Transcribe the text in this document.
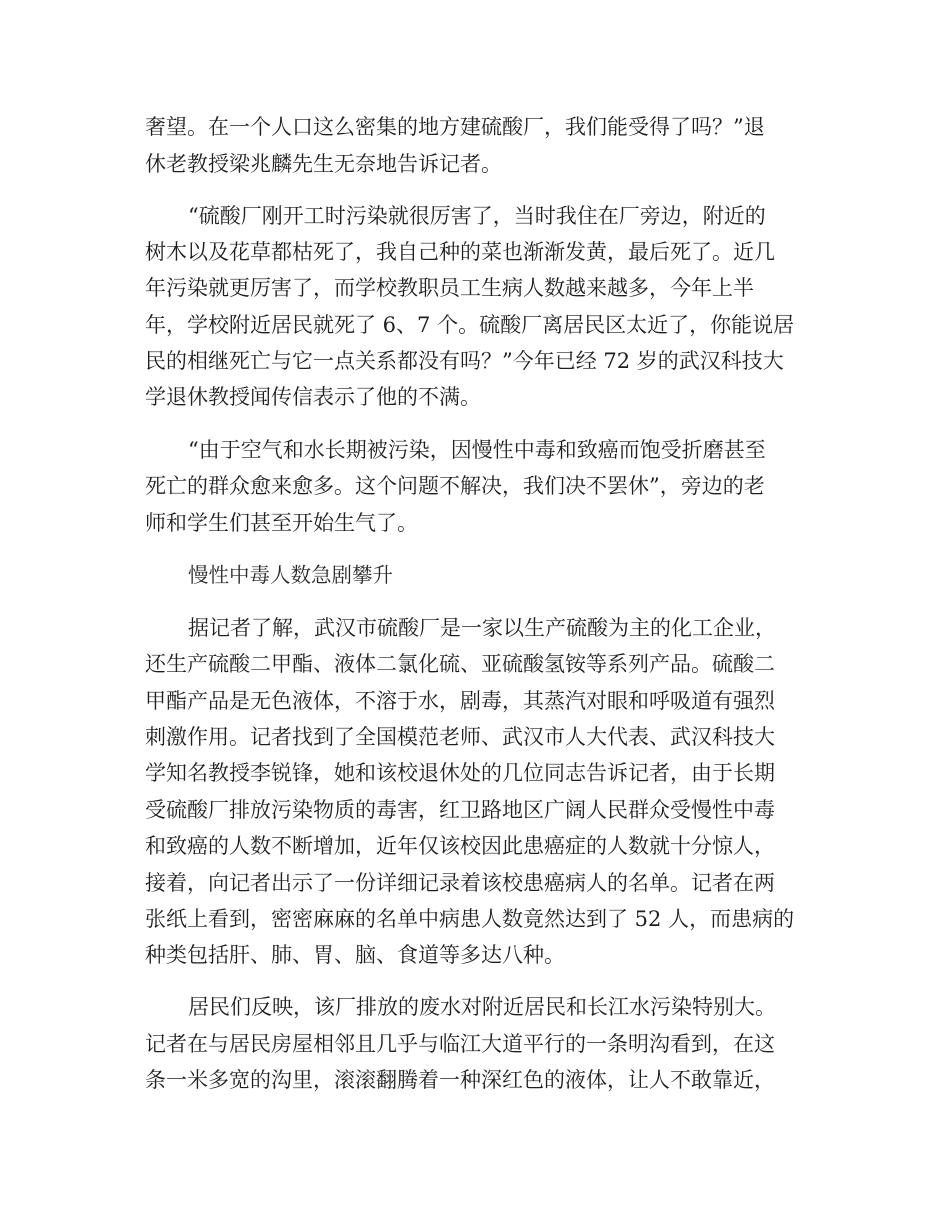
奢望。在一个人口这么密集的地方建硫酸厂，我们能受得了吗？”退
休老教授梁兆麟先生无奈地告诉记者。
“硫酸厂刚开工时污染就很厉害了，当时我住在厂旁边，附近的
树木以及花草都枯死了，我自己种的菜也渐渐发黄，最后死了。近几
年污染就更厉害了，而学校教职员工生病人数越来越多，今年上半
年，学校附近居民就死了 6、7 个。硫酸厂离居民区太近了，你能说居
民的相继死亡与它一点关系都没有吗？”今年已经 72 岁的武汉科技大
学退休教授闻传信表示了他的不满。
“由于空气和水长期被污染，因慢性中毒和致癌而饱受折磨甚至
死亡的群众愈来愈多。这个问题不解决，我们决不罢休”，旁边的老
师和学生们甚至开始生气了。
慢性中毒人数急剧攀升
据记者了解，武汉市硫酸厂是一家以生产硫酸为主的化工企业，
还生产硫酸二甲酯、液体二氯化硫、亚硫酸氢铵等系列产品。硫酸二
甲酯产品是无色液体，不溶于水，剧毒，其蒸汽对眼和呼吸道有强烈
刺激作用。记者找到了全国模范老师、武汉市人大代表、武汉科技大
学知名教授李锐锋，她和该校退休处的几位同志告诉记者，由于长期
受硫酸厂排放污染物质的毒害，红卫路地区广阔人民群众受慢性中毒
和致癌的人数不断增加，近年仅该校因此患癌症的人数就十分惊人，
接着，向记者出示了一份详细记录着该校患癌病人的名单。记者在两
张纸上看到，密密麻麻的名单中病患人数竟然达到了 52 人，而患病的
种类包括肝、肺、胃、脑、食道等多达八种。
居民们反映，该厂排放的废水对附近居民和长江水污染特别大。
记者在与居民房屋相邻且几乎与临江大道平行的一条明沟看到，在这
条一米多宽的沟里，滚滚翻腾着一种深红色的液体，让人不敢靠近，
